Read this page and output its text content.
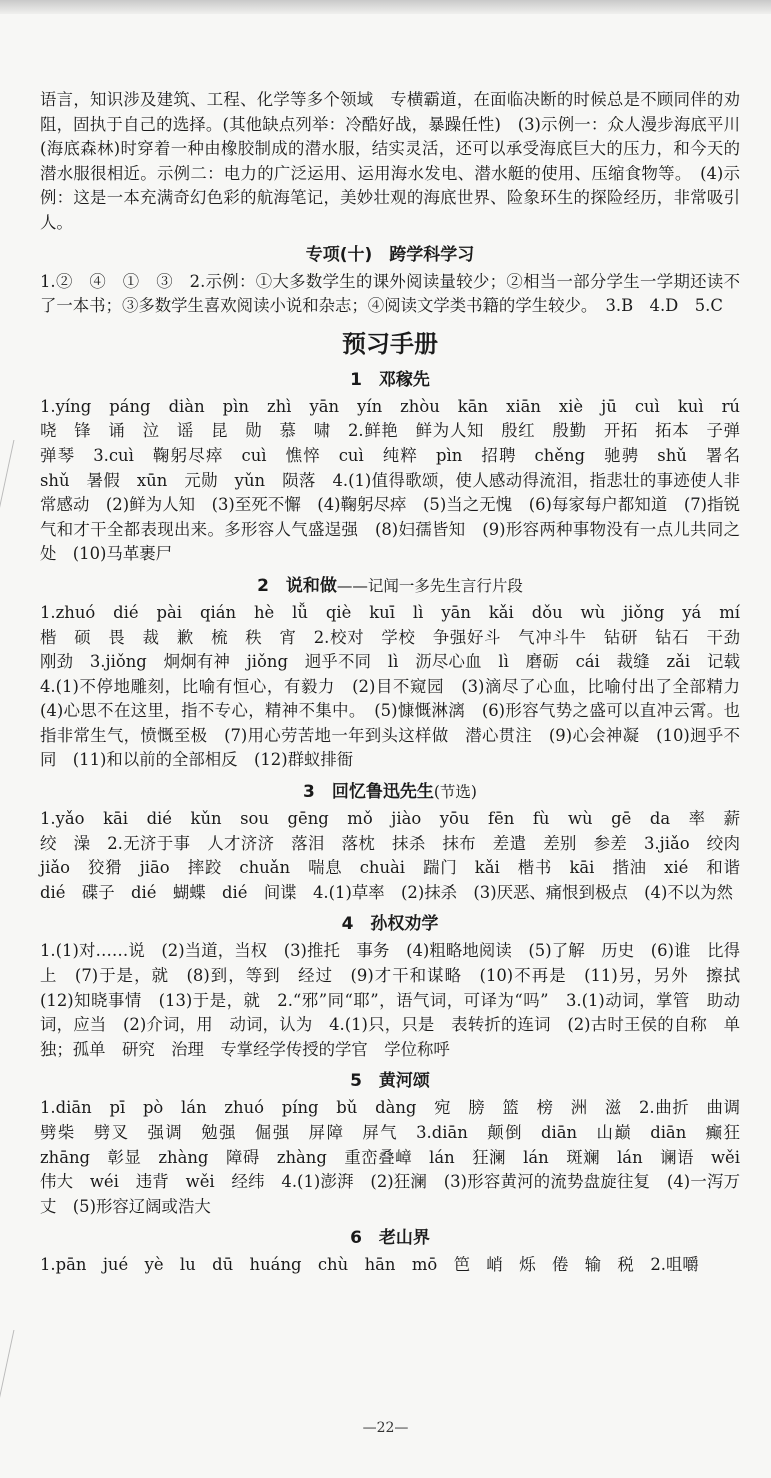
语言，知识涉及建筑、工程、化学等多个领域　专横霸道，在面临决断的时候总是不顾同伴的劝阻，固执于自己的选择。(其他缺点列举：冷酷好战，暴躁任性)　(3)示例一：众人漫步海底平川(海底森林)时穿着一种由橡胶制成的潜水服，结实灵活，还可以承受海底巨大的压力，和今天的潜水服很相近。示例二：电力的广泛运用、运用海水发电、潜水艇的使用、压缩食物等。　(4)示例：这是一本充满奇幻色彩的航海笔记，美妙壮观的海底世界、险象环生的探险经历，非常吸引人。

专项(十)　跨学科学习

1.②　④　①　③　2.示例：①大多数学生的课外阅读量较少；②相当一部分学生一学期还读不了一本书；③多数学生喜欢阅读小说和杂志；④阅读文学类书籍的学生较少。　3.B　4.D　5.C

预习手册
1　邓稼先

1.yíng　páng　diàn　pìn　zhì　yān　yín　zhòu　kān　xiān　xiè　jū　cuì　kuì　rú　哓　锋　诵　泣　谣　昆　勋　慕　啸　2.鲜艳　鲜为人知　殷红　殷勤　开拓　拓本　子弹　弹琴　3.cuì　鞠躬尽瘁　cuì　憔悴　cuì　纯粹　pìn　招聘　chěng　驰骋　shǔ　署名　shǔ　暑假　xūn　元勋　yǔn　陨落　4.(1)值得歌颂，使人感动得流泪，指悲壮的事迹使人非常感动　(2)鲜为人知　(3)至死不懈　(4)鞠躬尽瘁　(5)当之无愧　(6)每家每户都知道　(7)指锐气和才干全都表现出来。多形容人气盛逞强　(8)妇孺皆知　(9)形容两种事物没有一点儿共同之处　(10)马革裹尸

2　说和做——记闻一多先生言行片段

1.zhuó　dié　pài　qián　hè　lǚ　qiè　kuī　lì　yān　kǎi　dǒu　wù　jiǒng　yá　mí　楷　硕　畏　裁　歉　梳　秩　宵　2.校对　学校　争强好斗　气冲斗牛　钻研　钻石　干劲　刚劲　3.jiǒng　炯炯有神　jiǒng　迥乎不同　lì　沥尽心血　lì　磨砺　cái　裁缝　zǎi　记载　4.(1)不停地雕刻，比喻有恒心，有毅力　(2)目不窥园　(3)滴尽了心血，比喻付出了全部精力　(4)心思不在这里，指不专心，精神不集中。　(5)慷慨淋漓　(6)形容气势之盛可以直冲云霄。也指非常生气，愤慨至极　(7)用心劳苦地一年到头这样做　潜心贯注　(9)心会神凝　(10)迥乎不同　(11)和以前的全部相反　(12)群蚁排衙

3　回忆鲁迅先生(节选)

1.yǎo　kāi　dié　kǔn　sou　gēng　mǒ　jiào　yōu　fēn　fù　wù　gē　da　率　薪　绞　澡　2.无济于事　人才济济　落泪　落枕　抹杀　抹布　差遣　差别　参差　3.jiǎo　绞肉　jiǎo　狡猾　jiāo　摔跤　chuǎn　喘息　chuài　踹门　kǎi　楷书　kāi　揩油　xié　和谐　dié　碟子　dié　蝴蝶　dié　间谍　4.(1)草率　(2)抹杀　(3)厌恶、痛恨到极点　(4)不以为然

4　孙权劝学

1.(1)对……说　(2)当道，当权　(3)推托　事务　(4)粗略地阅读　(5)了解　历史　(6)谁　比得上　(7)于是，就　(8)到，等到　经过　(9)才干和谋略　(10)不再是　(11)另，另外　擦拭　(12)知晓事情　(13)于是，就　2.“邪”同“耶”，语气词，可译为“吗”　3.(1)动词，掌管　助动词，应当　(2)介词，用　动词，认为　4.(1)只，只是　表转折的连词　(2)古时王侯的自称　单独；孤单　研究　治理　专掌经学传授的学官　学位称呼

5　黄河颂

1.diān　pī　pò　lán　zhuó　píng　bǔ　dàng　宛　膀　篮　榜　洲　滋　2.曲折　曲调　劈柴　劈叉　强调　勉强　倔强　屏障　屏气　3.diān　颠倒　diān　山巅　diān　癫狂　zhāng　彰显　zhàng　障碍　zhàng　重峦叠嶂　lán　狂澜　lán　斑斓　lán　谰语　wěi　伟大　wéi　违背　wěi　经纬　4.(1)澎湃　(2)狂澜　(3)形容黄河的流势盘旋往复　(4)一泻万丈　(5)形容辽阔或浩大

6　老山界

1.pān　jué　yè　lu　dū　huáng　chù　hān　mō　笆　峭　烁　倦　输　税　2.咀嚼

—22—
